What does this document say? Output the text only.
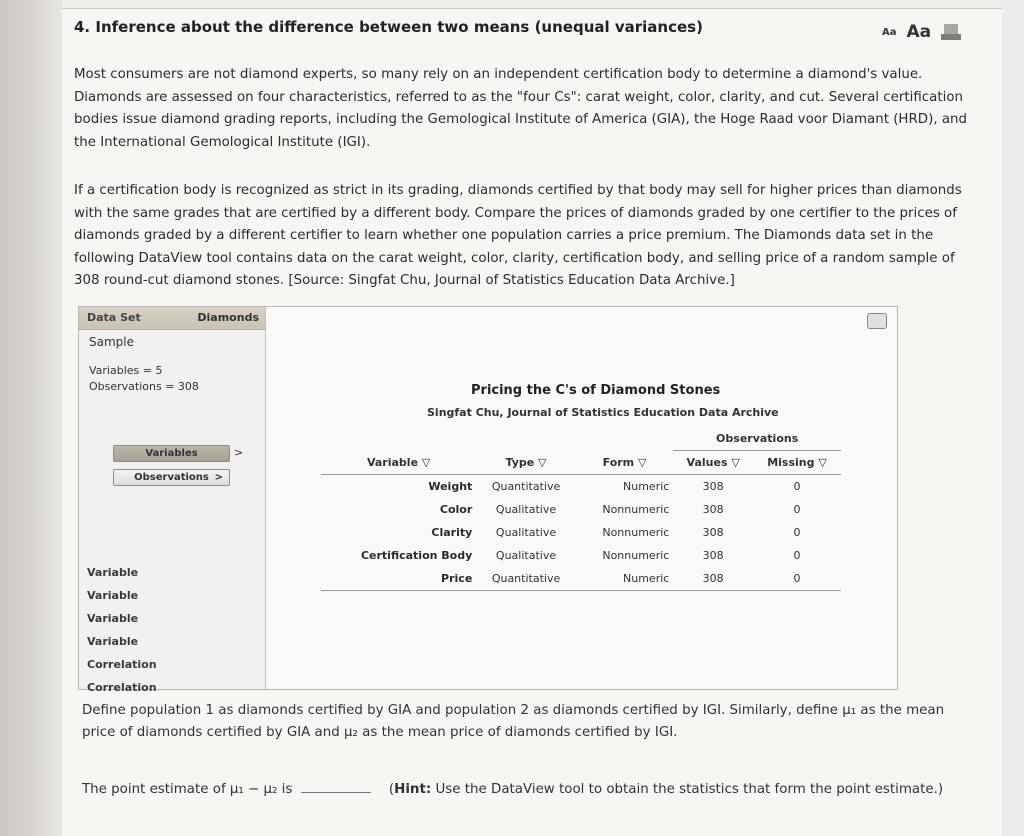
4. Inference about the difference between two means (unequal variances)	Aa Aa
Most consumers are not diamond experts, so many rely on an independent certification body to determine a diamond's value. Diamonds are assessed on four characteristics, referred to as the "four Cs": carat weight, color, clarity, and cut. Several certification bodies issue diamond grading reports, including the Gemological Institute of America (GIA), the Hoge Raad voor Diamant (HRD), and the International Gemological Institute (IGI).
If a certification body is recognized as strict in its grading, diamonds certified by that body may sell for higher prices than diamonds with the same grades that are certified by a different body. Compare the prices of diamonds graded by one certifier to the prices of diamonds graded by a different certifier to learn whether one population carries a price premium. The Diamonds data set in the following DataView tool contains data on the carat weight, color, clarity, certification body, and selling price of a random sample of 308 round-cut diamond stones. [Source: Singfat Chu, Journal of Statistics Education Data Archive.]
Data Set	Diamonds
Sample
Variables = 5
Observations = 308
Variables	>
Observations >
Variable
Variable
Variable
Variable
Correlation
Correlation
Pricing the C's of Diamond Stones
Singfat Chu, Journal of Statistics Education Data Archive
			Observations	
Variable ▽	Type ▽	Form ▽	Values ▽	Missing ▽
Weight	Quantitative	Numeric	308	0
Color	Qualitative	Nonnumeric	308	0
Clarity	Qualitative	Nonnumeric	308	0
Certification Body	Qualitative	Nonnumeric	308	0
Price	Quantitative	Numeric	308	0
Define population 1 as diamonds certified by GIA and population 2 as diamonds certified by IGI. Similarly, define μ₁ as the mean price of diamonds certified by GIA and μ₂ as the mean price of diamonds certified by IGI.
The point estimate of μ₁ − μ₂ is	(Hint: Use the DataView tool to obtain the statistics that form the point estimate.)
